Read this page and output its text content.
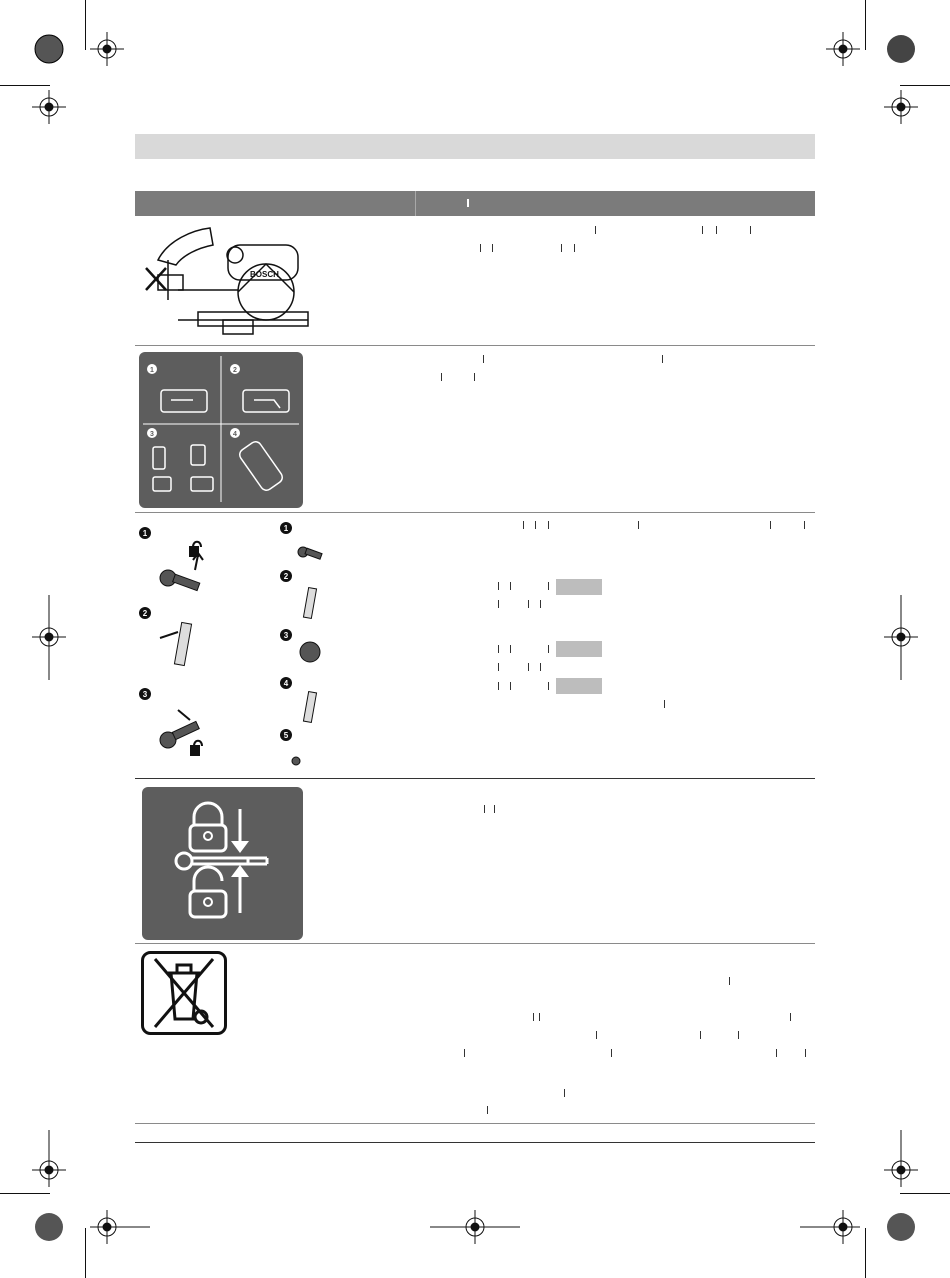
BOSCH
1	2
3	4
1
2
3
1
2
3
4
5
